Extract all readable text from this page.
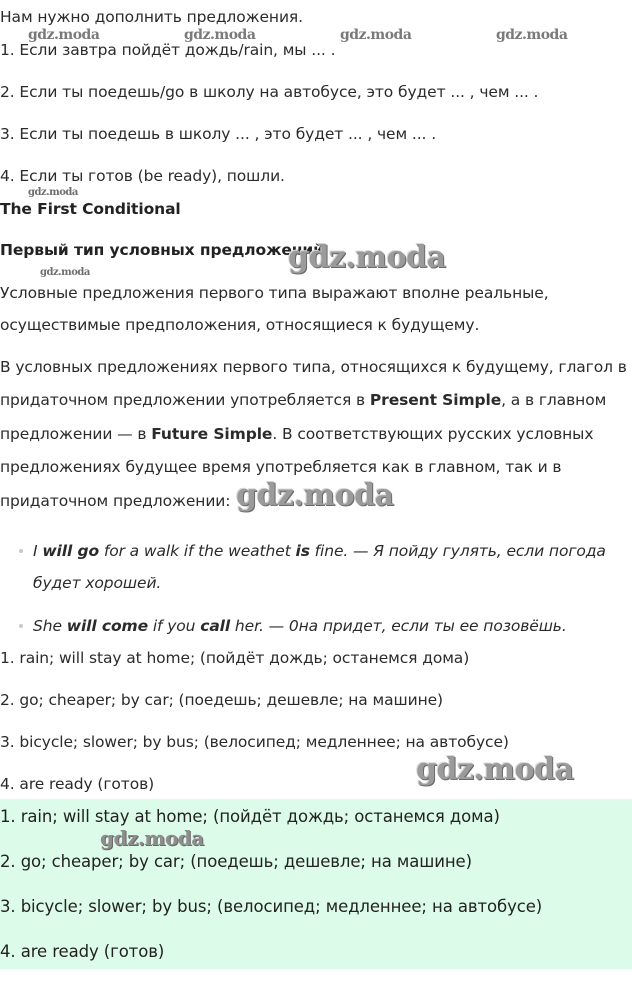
Нам нужно дополнить предложения.
1. Если завтра пойдёт дождь/rain, мы ... .
2. Если ты поедешь/go в школу на автобусе, это будет ... , чем ... .
3. Если ты поедешь в школу ... , это будет ... , чем ... .
4. Если ты готов (be ready), пошли.
The First Conditional
Первый тип условных предложений
Условные предложения первого типа выражают вполне реальные,
осуществимые предположения, относящиеся к будущему.
В условных предложениях первого типа, относящихся к будущему, глагол в
придаточном предложении употребляется в Present Simple, а в главном
предложении — в Future Simple. В соответствующих русских условных
предложениях будущее время употребляется как в главном, так и в
придаточном предложении:
I will go for a walk if the weathet is fine. — Я пойду гулять, если погода
будет хорошей.
She will come if you call her. — 0на придет, если ты ее позовёшь.
1. rain; will stay at home; (пойдёт дождь; останемся дома)
2. go; cheaper; by car; (поедешь; дешевле; на машине)
3. bicycle; slower; by bus; (велосипед; медленнее; на автобусе)
4. are ready (готов)
1. rain; will stay at home; (пойдёт дождь; останемся дома)
2. go; cheaper; by car; (поедешь; дешевле; на машине)
3. bicycle; slower; by bus; (велосипед; медленнее; на автобусе)
4. are ready (готов)
gdz.moda	gdz.moda	gdz.moda	gdz.moda
gdz.moda
gdz.moda
gdz.moda
gdz.moda
gdz.moda
gdz.moda
